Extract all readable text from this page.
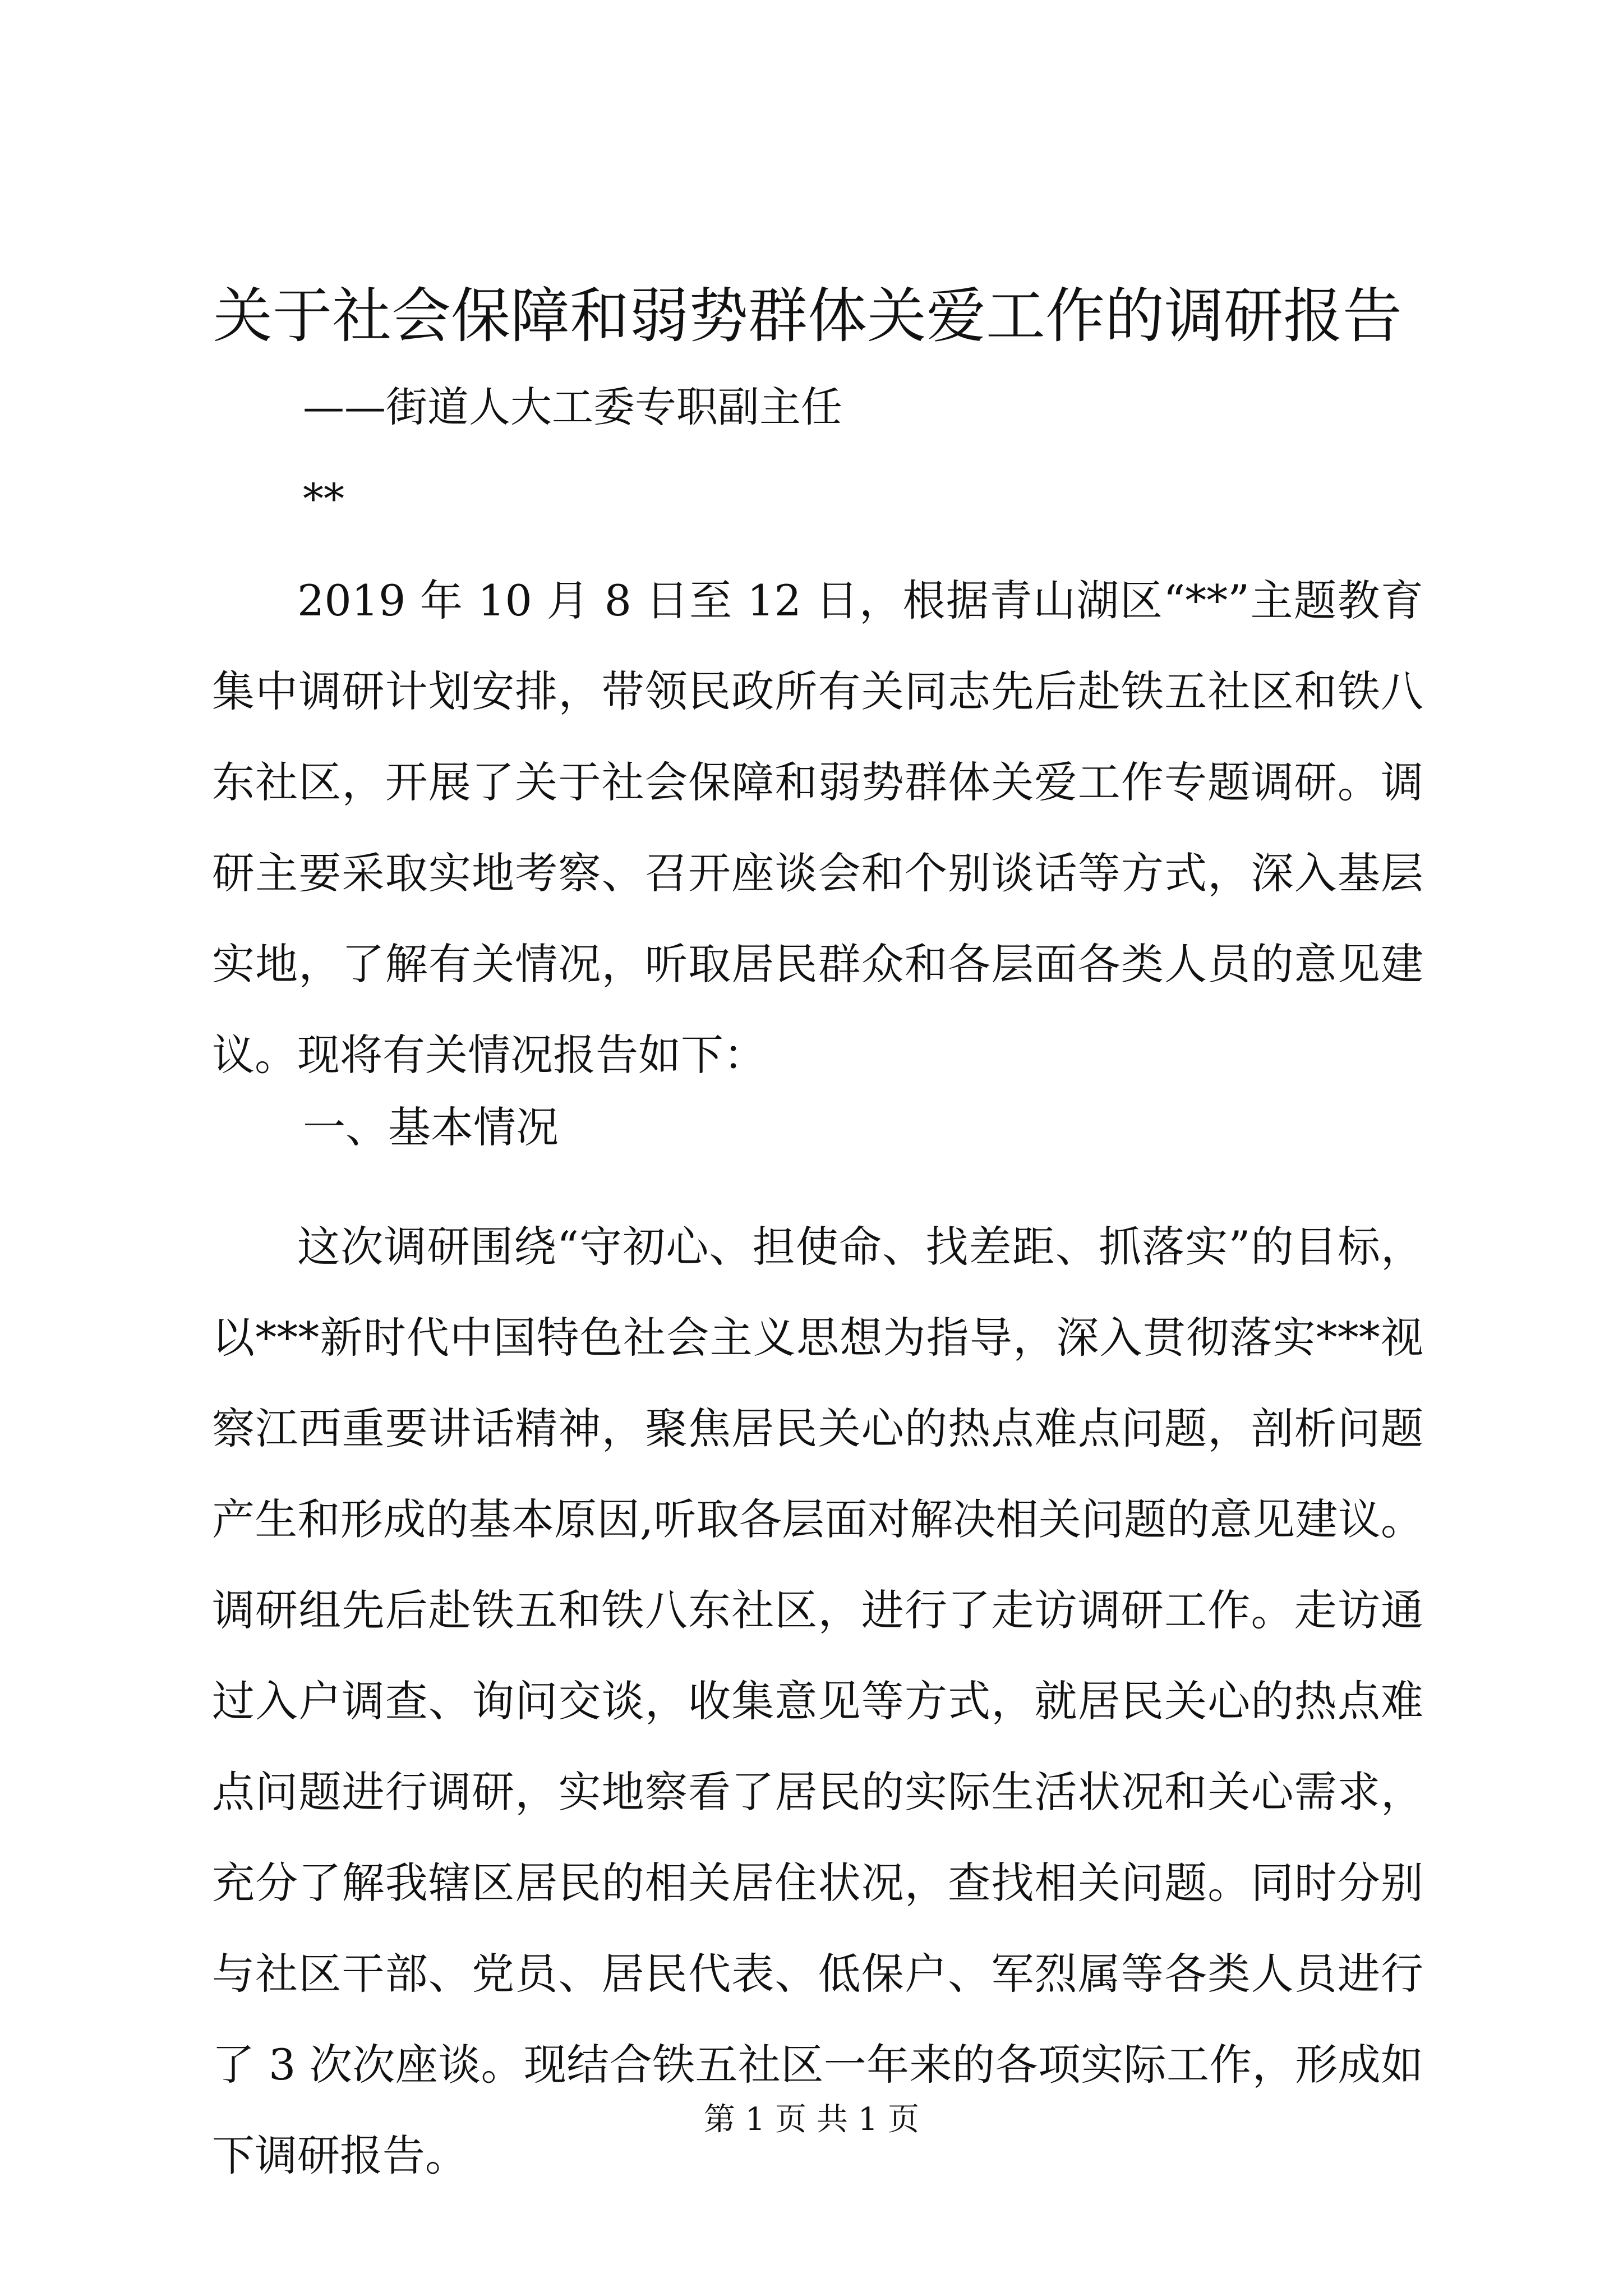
关于社会保障和弱势群体关爱工作的调研报告

——街道人大工委专职副主任

**

2019 年 10 月 8 日至 12 日，根据青山湖区“**”主题教育集中调研计划安排，带领民政所有关同志先后赴铁五社区和铁八东社区，开展了关于社会保障和弱势群体关爱工作专题调研。调研主要采取实地考察、召开座谈会和个别谈话等方式，深入基层实地，了解有关情况，听取居民群众和各层面各类人员的意见建议。现将有关情况报告如下：

一、基本情况

这次调研围绕“守初心、担使命、找差距、抓落实”的目标，以***新时代中国特色社会主义思想为指导，深入贯彻落实***视察江西重要讲话精神，聚焦居民关心的热点难点问题，剖析问题产生和形成的基本原因,听取各层面对解决相关问题的意见建议。调研组先后赴铁五和铁八东社区，进行了走访调研工作。走访通过入户调查、询问交谈，收集意见等方式，就居民关心的热点难点问题进行调研，实地察看了居民的实际生活状况和关心需求，充分了解我辖区居民的相关居住状况，查找相关问题。同时分别与社区干部、党员、居民代表、低保户、军烈属等各类人员进行了 3 次次座谈。现结合铁五社区一年来的各项实际工作，形成如下调研报告。

第 1 页 共 1 页
